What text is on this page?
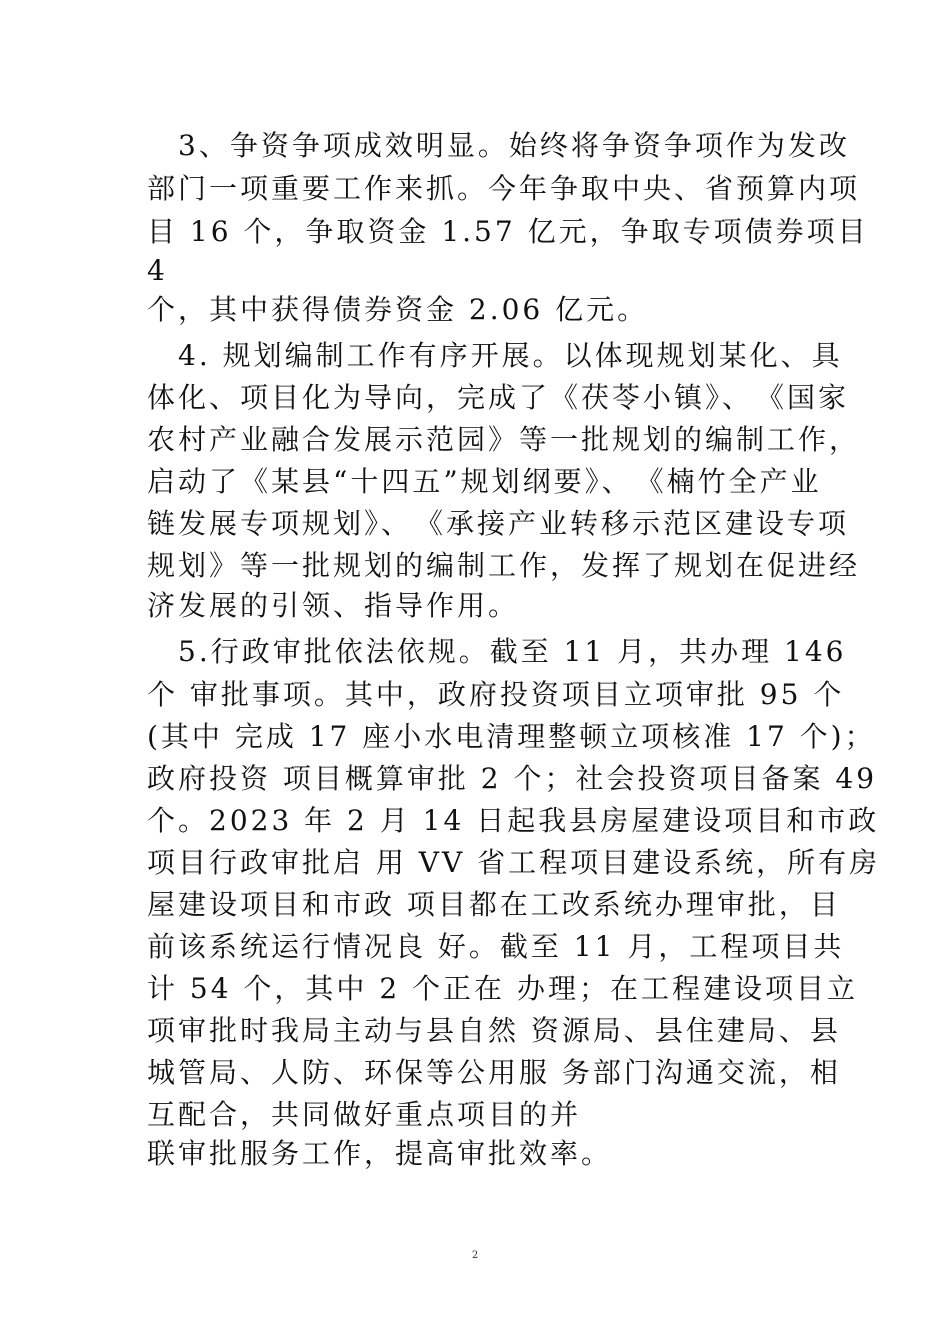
　3、争资争项成效明显。始终将争资争项作为发改
部门一项重要工作来抓。今年争取中央、省预算内项
目 16 个，争取资金 1.57 亿元，争取专项债券项目
4
个，其中获得债券资金 2.06 亿元。
　4. 规划编制工作有序开展。以体现规划某化、具
体化、项目化为导向，完成了《茯苓小镇》、　《国家
农村产业融合发展示范园》等一批规划的编制工作，
启动了《某县“十四五”规划纲要》、　《楠竹全产业
链发展专项规划》、　《承接产业转移示范区建设专项
规划》等一批规划的编制工作，发挥了规划在促进经
济发展的引领、指导作用。
　5.行政审批依法依规。截至 11 月，共办理 146
个 审批事项。其中，政府投资项目立项审批 95 个
(其中 完成 17 座小水电清理整顿立项核准 17 个)；
政府投资 项目概算审批 2 个；社会投资项目备案 49
个。2023 年 2 月 14 日起我县房屋建设项目和市政
项目行政审批启 用 VV 省工程项目建设系统，所有房
屋建设项目和市政 项目都在工改系统办理审批，目
前该系统运行情况良 好。截至 11 月，工程项目共
计 54 个，其中 2 个正在 办理；在工程建设项目立
项审批时我局主动与县自然 资源局、县住建局、县
城管局、人防、环保等公用服 务部门沟通交流，相
互配合，共同做好重点项目的并
联审批服务工作，提高审批效率。
2
